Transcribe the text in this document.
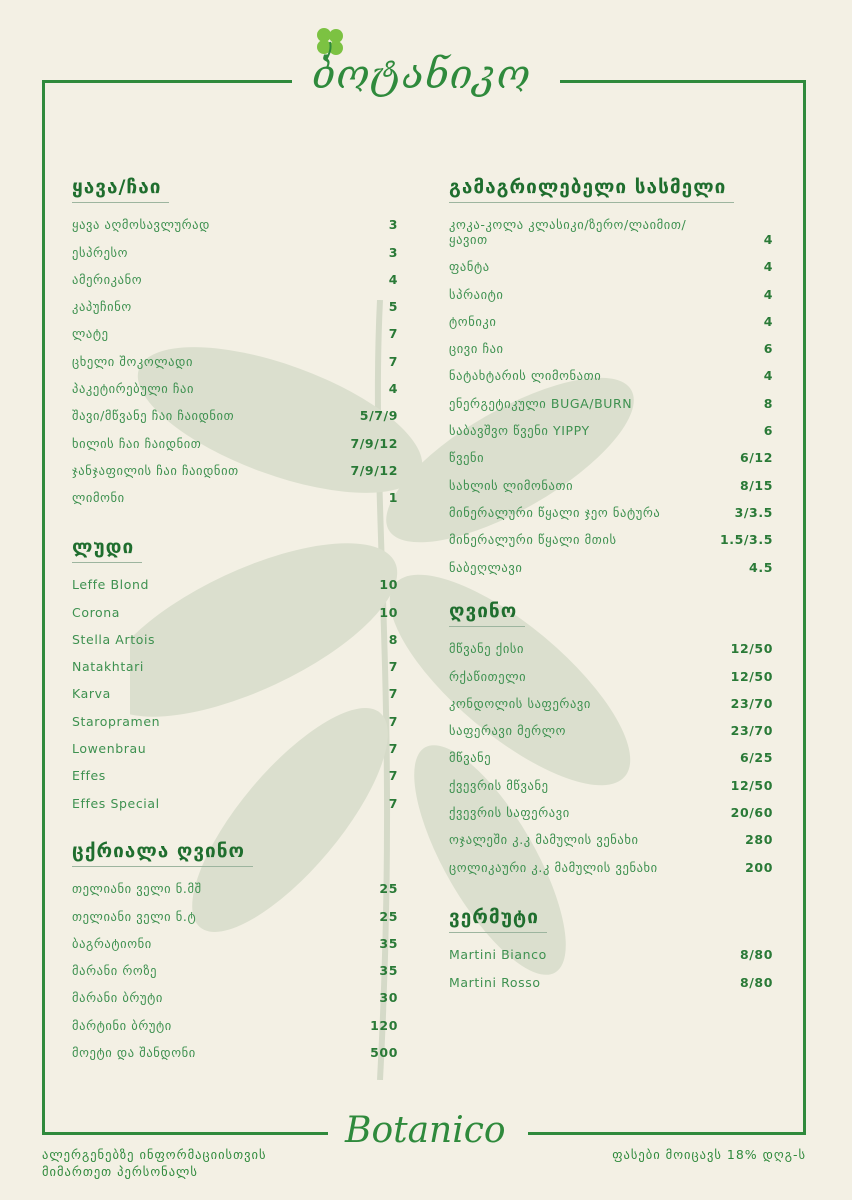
ბოტანიკო
ყავა/ჩაი
ყავა აღმოსავლურად	3
ესპრესო	3
ამერიკანო	4
კაპუჩინო	5
ლატე	7
ცხელი შოკოლადი	7
პაკეტირებული ჩაი	4
შავი/მწვანე ჩაი ჩაიდნით	5/7/9
ხილის ჩაი ჩაიდნით	7/9/12
ჯანჯაფილის ჩაი ჩაიდნით	7/9/12
ლიმონი	1
ლუდი
Leffe Blond	10
Corona	10
Stella Artois	8
Natakhtari	7
Karva	7
Staropramen	7
Lowenbrau	7
Effes	7
Effes Special	7
ცქრიალა ღვინო
თელიანი ველი ნ.მშ	25
თელიანი ველი ნ.ტ	25
ბაგრატიონი	35
მარანი როზე	35
მარანი ბრუტი	30
მარტინი ბრუტი	120
მოეტი და შანდონი	500
გამაგრილებელი სასმელი
კოკა-კოლა კლასიკი/ზერო/ლაიმით/ყავით	4
ფანტა	4
სპრაიტი	4
ტონიკი	4
ცივი ჩაი	6
ნატახტარის ლიმონათი	4
ენერგეტიკული BUGA/BURN	8
საბავშვო წვენი YIPPY	6
წვენი	6/12
სახლის ლიმონათი	8/15
მინერალური წყალი ჯეო ნატურა	3/3.5
მინერალური წყალი მთის	1.5/3.5
ნაბეღლავი	4.5
ღვინო
მწვანე ქისი	12/50
რქაწითელი	12/50
კონდოლის საფერავი	23/70
საფერავი მერლო	23/70
მწვანე	6/25
ქვევრის მწვანე	12/50
ქვევრის საფერავი	20/60
ოჯალეში კ.კ მამულის ვენახი	280
ცოლიკაური კ.კ მამულის ვენახი	200
ვერმუტი
Martini Bianco	8/80
Martini Rosso	8/80
Botanico
ალერგენებზე ინფორმაციისთვის
მიმართეთ პერსონალს
ფასები მოიცავს 18% დღგ-ს
